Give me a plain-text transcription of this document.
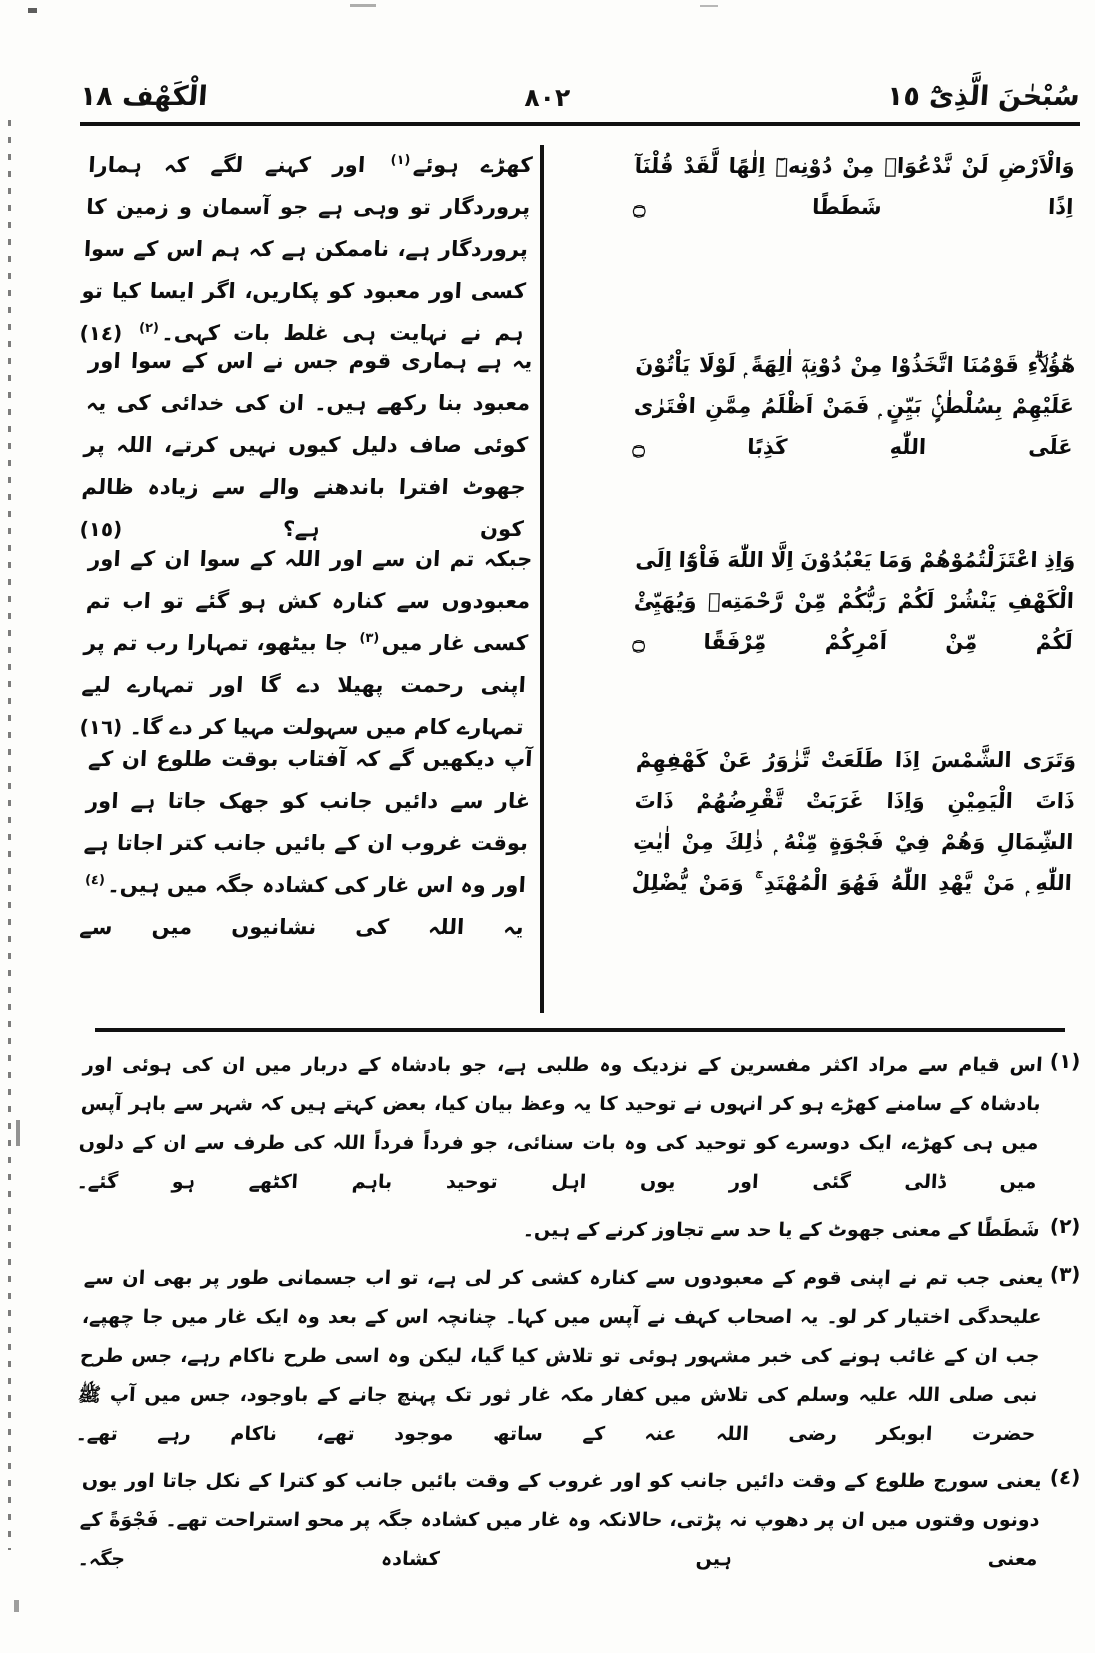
سُبْحٰنَ الَّذِىْٓ ١٥
٨٠٢
الْكَهْف ١٨
وَالْاَرْضِ لَنْ نَّدْعُوَا۟ مِنْ دُوْنِهٖٓ اِلٰهًا لَّقَدْ قُلْنَآ اِذًا شَطَطًا ۝
هٰٓؤُلَاۗءِ قَوْمُنَا اتَّخَذُوْا مِنْ دُوْنِهٖٓ اٰلِهَةً ۭ لَوْلَا يَاْتُوْنَ عَلَيْهِمْ بِسُلْطٰنٍۢ بَيِّنٍ ۭ فَمَنْ اَظْلَمُ مِمَّنِ افْتَرٰى عَلَى اللّٰهِ كَذِبًا ۝
وَاِذِ اعْتَزَلْتُمُوْهُمْ وَمَا يَعْبُدُوْنَ اِلَّا اللّٰهَ فَاْوٗٓا اِلَى الْكَهْفِ يَنْشُرْ لَكُمْ رَبُّكُمْ مِّنْ رَّحْمَتِهٖ وَيُهَيِّئْ لَكُمْ مِّنْ اَمْرِكُمْ مِّرْفَقًا ۝
وَتَرَى الشَّمْسَ اِذَا طَلَعَتْ تَّزٰوَرُ عَنْ كَهْفِهِمْ ذَاتَ الْيَمِيْنِ وَاِذَا غَرَبَتْ تَّقْرِضُهُمْ ذَاتَ الشِّمَالِ وَهُمْ فِيْ فَجْوَةٍ مِّنْهُ ۭ ذٰلِكَ مِنْ اٰيٰتِ اللّٰهِ ۭ مَنْ يَّهْدِ اللّٰهُ فَهُوَ الْمُهْتَدِ ۚ وَمَنْ يُّضْلِلْ
کھڑے ہوئے$^{(١)}$ اور کہنے لگے کہ ہمارا پروردگار تو وہی ہے جو آسمان و زمین کا پروردگار ہے، ناممکن ہے کہ ہم اس کے سوا کسی اور معبود کو پکاریں، اگر ایسا کیا تو ہم نے نہایت ہی غلط بات کہی۔$^{(٢)}$ (١٤)
یہ ہے ہماری قوم جس نے اس کے سوا اور معبود بنا رکھے ہیں۔ ان کی خدائی کی یہ کوئی صاف دلیل کیوں نہیں کرتے، اللہ پر جھوٹ افترا باندھنے والے سے زیادہ ظالم کون ہے؟ (١٥)
جبکہ تم ان سے اور اللہ کے سوا ان کے اور معبودوں سے کنارہ کش ہو گئے تو اب تم کسی غار میں$^{(٣)}$ جا بیٹھو، تمہارا رب تم پر اپنی رحمت پھیلا دے گا اور تمہارے لیے تمہارے کام میں سہولت مہیا کر دے گا۔ (١٦)
آپ دیکھیں گے کہ آفتاب بوقت طلوع ان کے غار سے دائیں جانب کو جھک جاتا ہے اور بوقت غروب ان کے بائیں جانب کتر اجاتا ہے اور وہ اس غار کی کشادہ جگہ میں ہیں۔$^{(٤)}$ یہ اللہ کی نشانیوں میں سے
(١)
اس قیام سے مراد اکثر مفسرین کے نزدیک وہ طلبی ہے، جو بادشاہ کے دربار میں ان کی ہوئی اور بادشاہ کے سامنے کھڑے ہو کر انہوں نے توحید کا یہ وعظ بیان کیا، بعض کہتے ہیں کہ شہر سے باہر آپس میں ہی کھڑے، ایک دوسرے کو توحید کی وہ بات سنائی، جو فرداً فرداً اللہ کی طرف سے ان کے دلوں میں ڈالی گئی اور یوں اہل توحید باہم اکٹھے ہو گئے۔
(٢)
شَطَطًا کے معنی جھوٹ کے یا حد سے تجاوز کرنے کے ہیں۔
(٣)
یعنی جب تم نے اپنی قوم کے معبودوں سے کنارہ کشی کر لی ہے، تو اب جسمانی طور پر بھی ان سے علیحدگی اختیار کر لو۔ یہ اصحاب کہف نے آپس میں کہا۔ چنانچہ اس کے بعد وہ ایک غار میں جا چھپے، جب ان کے غائب ہونے کی خبر مشہور ہوئی تو تلاش کیا گیا، لیکن وہ اسی طرح ناکام رہے، جس طرح نبی صلی اللہ علیہ وسلم کی تلاش میں کفار مکہ غار ثور تک پہنچ جانے کے باوجود، جس میں آپ ﷺ حضرت ابوبکر رضی اللہ عنہ کے ساتھ موجود تھے، ناکام رہے تھے۔
(٤)
یعنی سورج طلوع کے وقت دائیں جانب کو اور غروب کے وقت بائیں جانب کو کترا کے نکل جاتا اور یوں دونوں وقتوں میں ان پر دھوپ نہ پڑتی، حالانکہ وہ غار میں کشادہ جگہ پر محو استراحت تھے۔ فَجْوَةً کے معنی ہیں کشادہ جگہ۔
